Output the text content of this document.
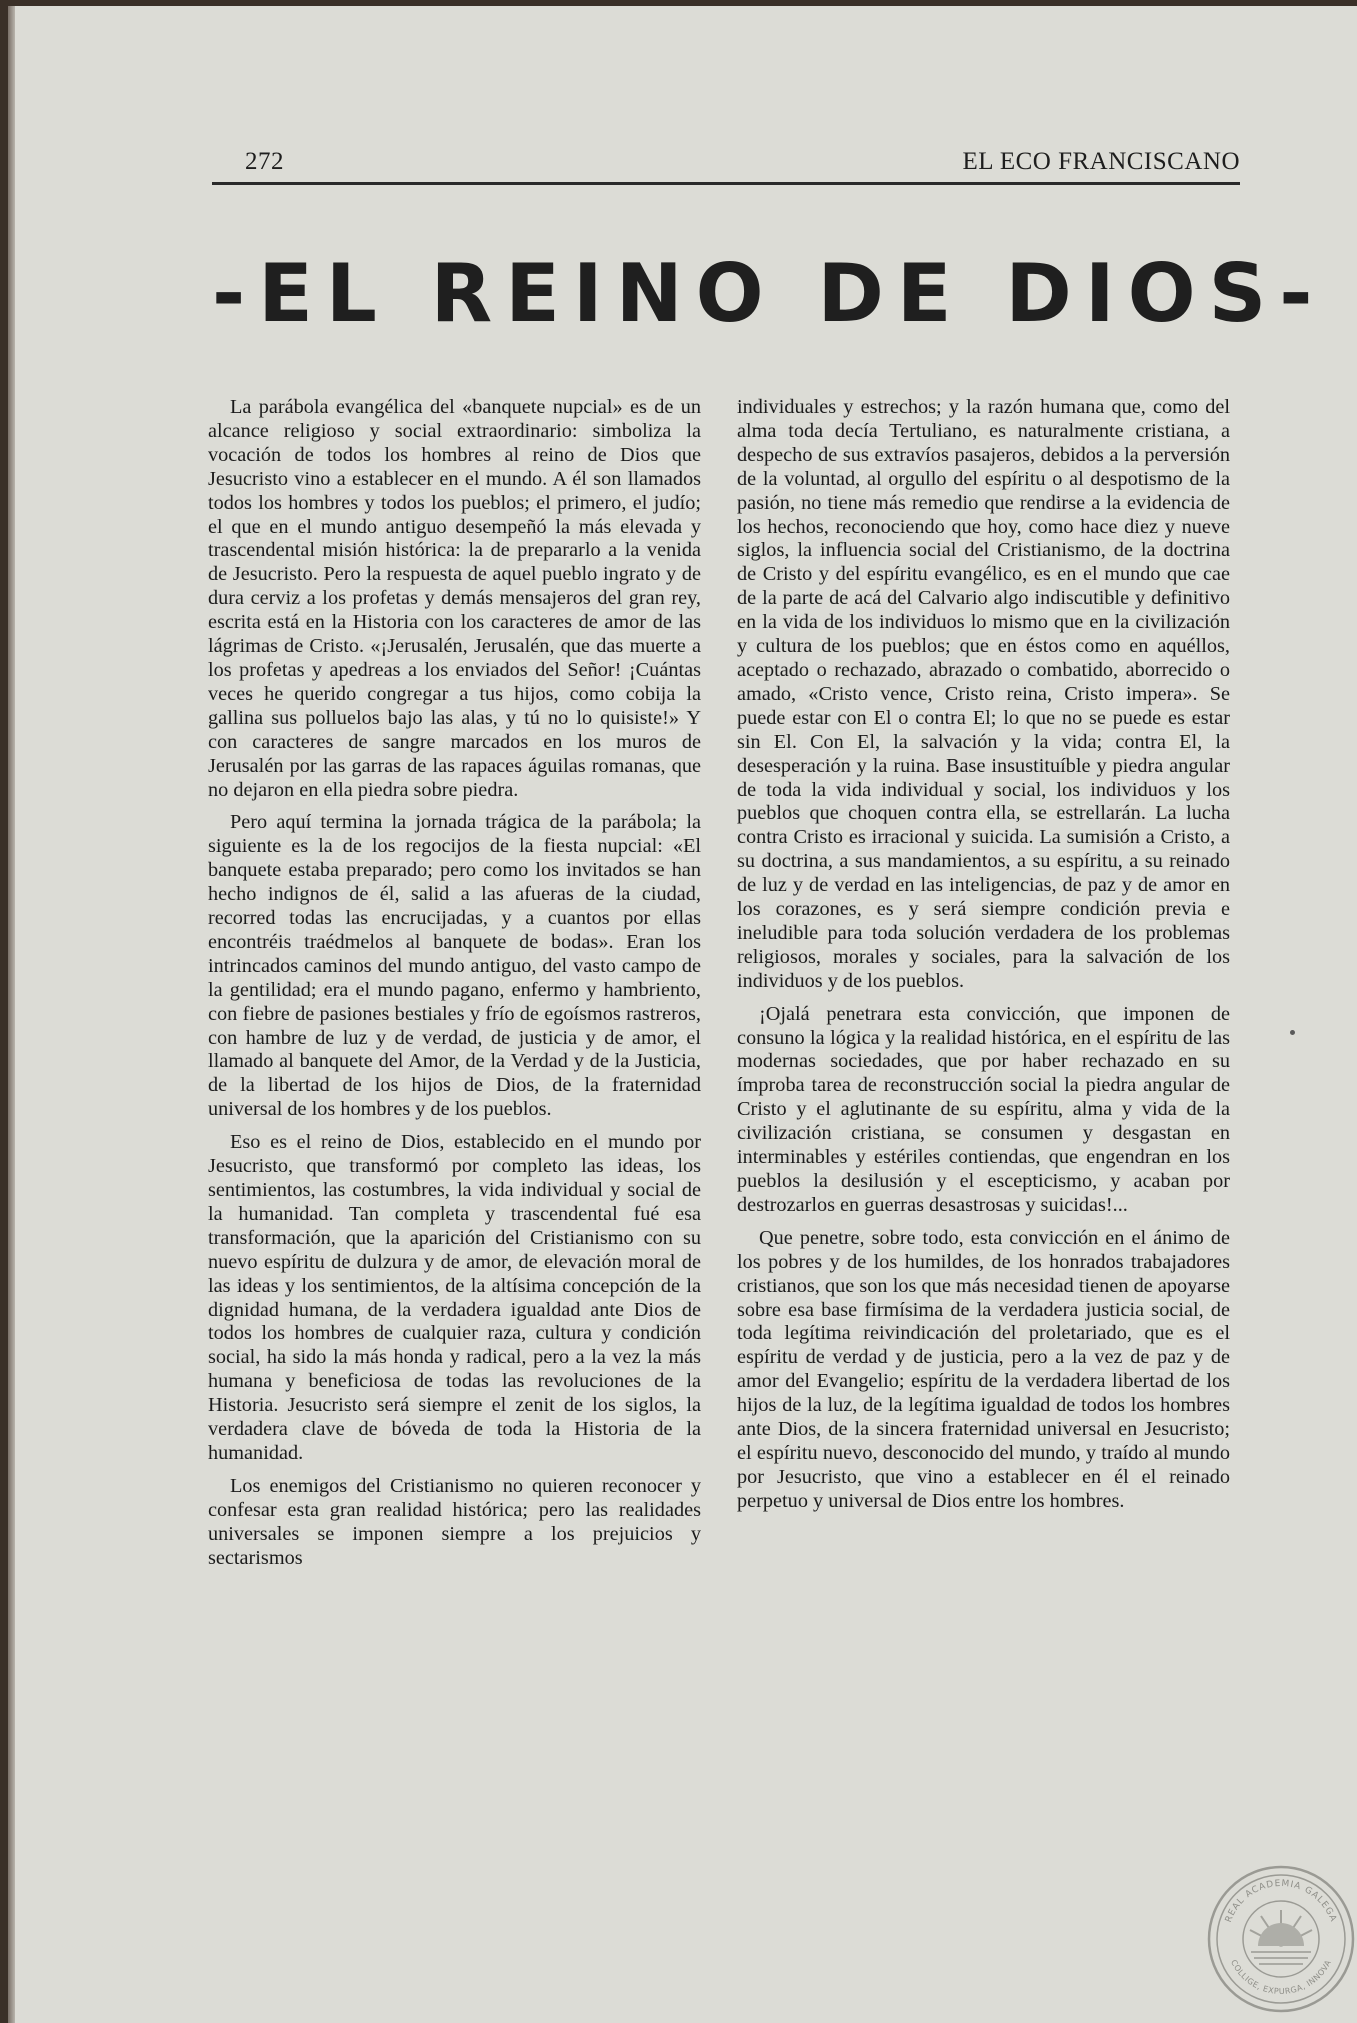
272	EL ECO FRANCISCANO
-EL REINO DE DIOS-

La parábola evangélica del «banquete nupcial» es de un alcance religioso y social extraordinario: simboliza la vocación de todos los hombres al reino de Dios que Jesucristo vino a establecer en el mundo. A él son llamados todos los hombres y todos los pueblos; el primero, el judío; el que en el mundo antiguo desempeñó la más elevada y trascendental misión histórica: la de prepararlo a la venida de Jesucristo. Pero la respuesta de aquel pueblo ingrato y de dura cerviz a los profetas y demás mensajeros del gran rey, escrita está en la Historia con los caracteres de amor de las lágrimas de Cristo. «¡Jerusalén, Jerusalén, que das muerte a los profetas y apedreas a los enviados del Señor! ¡Cuántas veces he querido congregar a tus hijos, como cobija la gallina sus polluelos bajo las alas, y tú no lo quisiste!» Y con caracteres de sangre marcados en los muros de Jerusalén por las garras de las rapaces águilas romanas, que no dejaron en ella piedra sobre piedra.

Pero aquí termina la jornada trágica de la parábola; la siguiente es la de los regocijos de la fiesta nupcial: «El banquete estaba preparado; pero como los invitados se han hecho indignos de él, salid a las afueras de la ciudad, recorred todas las encrucijadas, y a cuantos por ellas encontréis traédmelos al banquete de bodas». Eran los intrincados caminos del mundo antiguo, del vasto campo de la gentilidad; era el mundo pagano, enfermo y hambriento, con fiebre de pasiones bestiales y frío de egoísmos rastreros, con hambre de luz y de verdad, de justicia y de amor, el llamado al banquete del Amor, de la Verdad y de la Justicia, de la libertad de los hijos de Dios, de la fraternidad universal de los hombres y de los pueblos.

Eso es el reino de Dios, establecido en el mundo por Jesucristo, que transformó por completo las ideas, los sentimientos, las costumbres, la vida individual y social de la humanidad. Tan completa y trascendental fué esa transformación, que la aparición del Cristianismo con su nuevo espíritu de dulzura y de amor, de elevación moral de las ideas y los sentimientos, de la altísima concepción de la dignidad humana, de la verdadera igualdad ante Dios de todos los hombres de cualquier raza, cultura y condición social, ha sido la más honda y radical, pero a la vez la más humana y beneficiosa de todas las revoluciones de la Historia. Jesucristo será siempre el zenit de los siglos, la verdadera clave de bóveda de toda la Historia de la humanidad.

Los enemigos del Cristianismo no quieren reconocer y confesar esta gran realidad histórica; pero las realidades universales se imponen siempre a los prejuicios y sectarismos

individuales y estrechos; y la razón humana que, como del alma toda decía Tertuliano, es naturalmente cristiana, a despecho de sus extravíos pasajeros, debidos a la perversión de la voluntad, al orgullo del espíritu o al despotismo de la pasión, no tiene más remedio que rendirse a la evidencia de los hechos, reconociendo que hoy, como hace diez y nueve siglos, la influencia social del Cristianismo, de la doctrina de Cristo y del espíritu evangélico, es en el mundo que cae de la parte de acá del Calvario algo indiscutible y definitivo en la vida de los individuos lo mismo que en la civilización y cultura de los pueblos; que en éstos como en aquéllos, aceptado o rechazado, abrazado o combatido, aborrecido o amado, «Cristo vence, Cristo reina, Cristo impera». Se puede estar con El o contra El; lo que no se puede es estar sin El. Con El, la salvación y la vida; contra El, la desesperación y la ruina. Base insustituíble y piedra angular de toda la vida individual y social, los individuos y los pueblos que choquen contra ella, se estrellarán. La lucha contra Cristo es irracional y suicida. La sumisión a Cristo, a su doctrina, a sus mandamientos, a su espíritu, a su reinado de luz y de verdad en las inteligencias, de paz y de amor en los corazones, es y será siempre condición previa e ineludible para toda solución verdadera de los problemas religiosos, morales y sociales, para la salvación de los individuos y de los pueblos.

¡Ojalá penetrara esta convicción, que imponen de consuno la lógica y la realidad histórica, en el espíritu de las modernas sociedades, que por haber rechazado en su ímproba tarea de reconstrucción social la piedra angular de Cristo y el aglutinante de su espíritu, alma y vida de la civilización cristiana, se consumen y desgastan en interminables y estériles contiendas, que engendran en los pueblos la desilusión y el escepticismo, y acaban por destrozarlos en guerras desastrosas y suicidas!...

Que penetre, sobre todo, esta convicción en el ánimo de los pobres y de los humildes, de los honrados trabajadores cristianos, que son los que más necesidad tienen de apoyarse sobre esa base firmísima de la verdadera justicia social, de toda legítima reivindicación del proletariado, que es el espíritu de verdad y de justicia, pero a la vez de paz y de amor del Evangelio; espíritu de la verdadera libertad de los hijos de la luz, de la legítima igualdad de todos los hombres ante Dios, de la sincera fraternidad universal en Jesucristo; el espíritu nuevo, desconocido del mundo, y traído al mundo por Jesucristo, que vino a establecer en él el reinado perpetuo y universal de Dios entre los hombres.

REAL ACADEMIA GALEGA
COLLIGE, EXPURGA, INNOVA
